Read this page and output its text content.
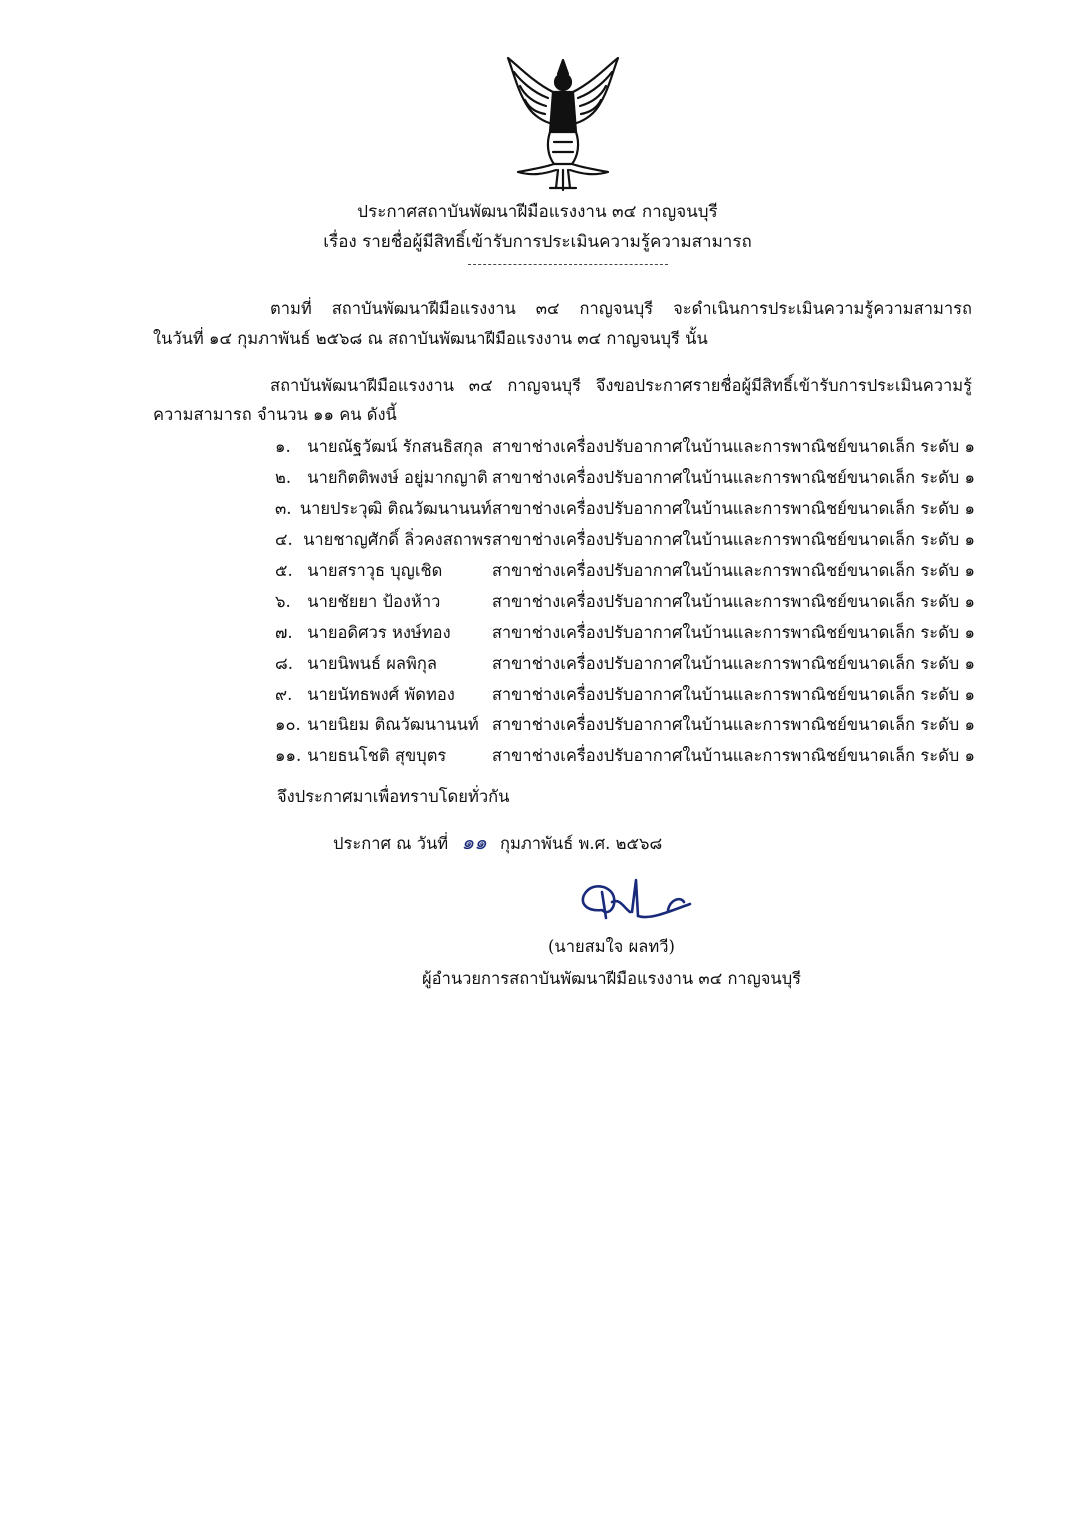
ประกาศสถาบันพัฒนาฝีมือแรงงาน ๓๔ กาญจนบุรี
เรื่อง รายชื่อผู้มีสิทธิ์เข้ารับการประเมินความรู้ความสามารถ
ตามที่ สถาบันพัฒนาฝีมือแรงงาน ๓๔ กาญจนบุรี จะดำเนินการประเมินความรู้ความสามารถ
ในวันที่ ๑๔ กุมภาพันธ์ ๒๕๖๘ ณ สถาบันพัฒนาฝีมือแรงงาน ๓๔ กาญจนบุรี นั้น
สถาบันพัฒนาฝีมือแรงงาน ๓๔ กาญจนบุรี จึงขอประกาศรายชื่อผู้มีสิทธิ์เข้ารับการประเมินความรู้
ความสามารถ จำนวน ๑๑ คน ดังนี้
๑.	นายณัฐวัฒน์ รักสนธิสกุล สาขาช่างเครื่องปรับอากาศในบ้านและการพาณิชย์ขนาดเล็ก ระดับ ๑
๒. นายกิตติพงษ์ อยู่มากญาติ สาขาช่างเครื่องปรับอากาศในบ้านและการพาณิชย์ขนาดเล็ก ระดับ ๑
๓. นายประวุฒิ ติณวัฒนานนท์ สาขาช่างเครื่องปรับอากาศในบ้านและการพาณิชย์ขนาดเล็ก ระดับ ๑
๔. นายชาญศักดิ์ ลิ่วคงสถาพร สาขาช่างเครื่องปรับอากาศในบ้านและการพาณิชย์ขนาดเล็ก ระดับ ๑
๕. นายสราวุธ บุญเชิด	สาขาช่างเครื่องปรับอากาศในบ้านและการพาณิชย์ขนาดเล็ก ระดับ ๑
๖.	นายชัยยา ป้องห้าว	สาขาช่างเครื่องปรับอากาศในบ้านและการพาณิชย์ขนาดเล็ก ระดับ ๑
๗. นายอดิศวร หงษ์ทอง	สาขาช่างเครื่องปรับอากาศในบ้านและการพาณิชย์ขนาดเล็ก ระดับ ๑
๘. นายนิพนธ์ ผลพิกุล	สาขาช่างเครื่องปรับอากาศในบ้านและการพาณิชย์ขนาดเล็ก ระดับ ๑
๙. นายนัทธพงศ์ พัดทอง	สาขาช่างเครื่องปรับอากาศในบ้านและการพาณิชย์ขนาดเล็ก ระดับ ๑
๑๐. นายนิยม ติณวัฒนานนท์ สาขาช่างเครื่องปรับอากาศในบ้านและการพาณิชย์ขนาดเล็ก ระดับ ๑
๑๑. นายธนโชติ สุขบุตร	สาขาช่างเครื่องปรับอากาศในบ้านและการพาณิชย์ขนาดเล็ก ระดับ ๑
จึงประกาศมาเพื่อทราบโดยทั่วกัน
ประกาศ ณ วันที่ ๑๑ กุมภาพันธ์ พ.ศ. ๒๕๖๘
(นายสมใจ ผลทวี)
ผู้อำนวยการสถาบันพัฒนาฝีมือแรงงาน ๓๔ กาญจนบุรี
